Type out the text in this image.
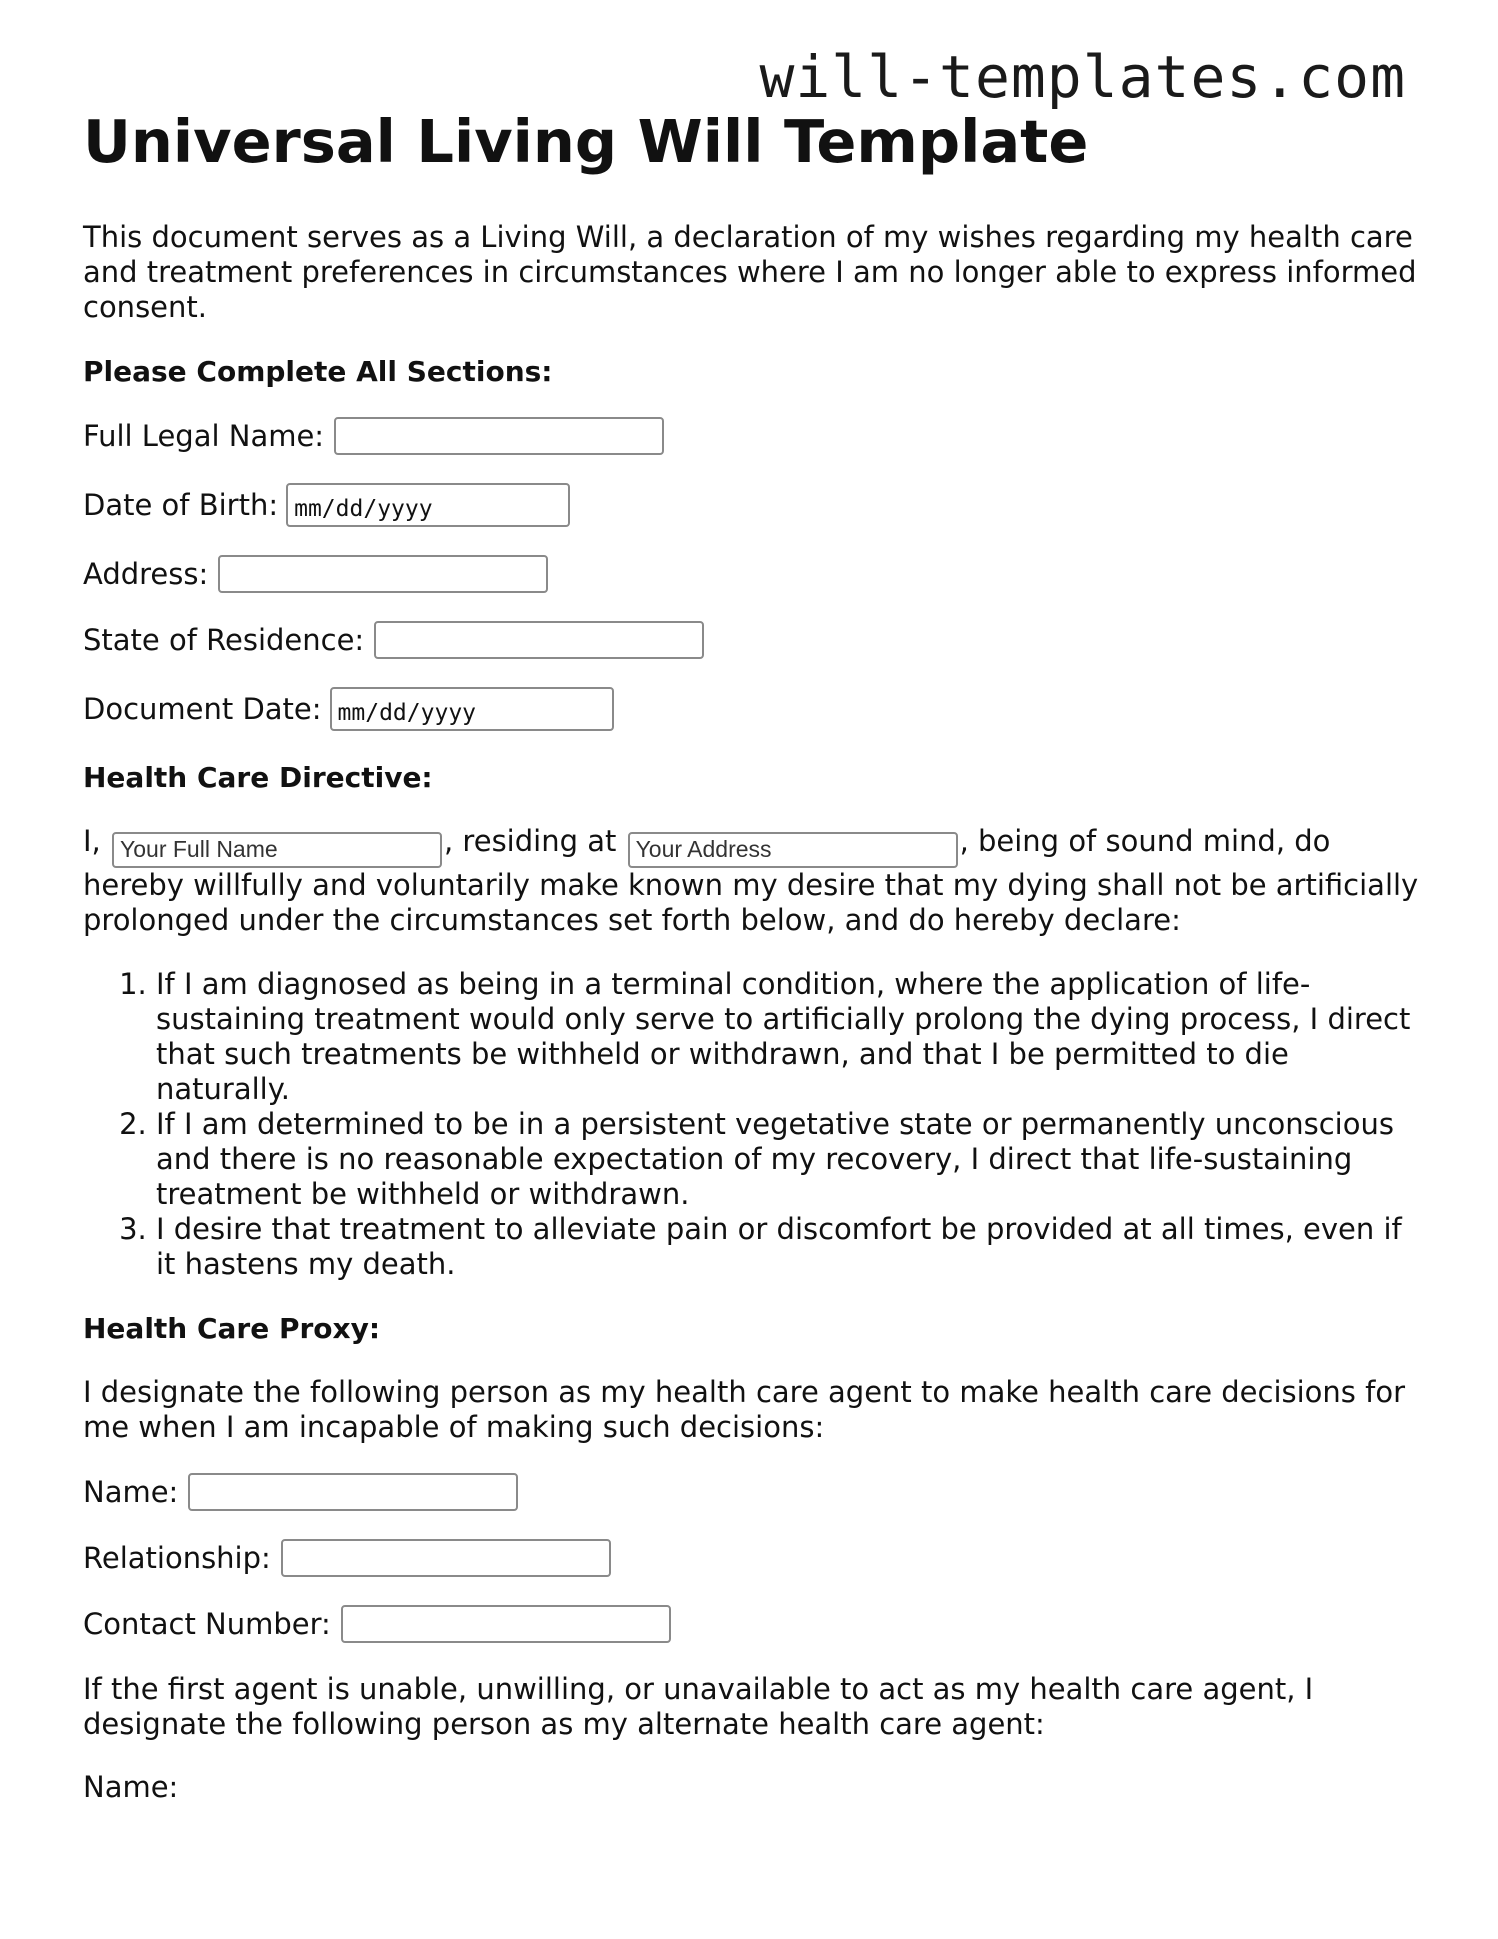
will-templates.com
Universal Living Will Template

This document serves as a Living Will, a declaration of my wishes regarding my health care and treatment preferences in circumstances where I am no longer able to express informed consent.

Please Complete All Sections:

Full Legal Name:
Date of Birth: mm/dd/yyyy
Address:
State of Residence:
Document Date: mm/dd/yyyy

Health Care Directive:

I, Your Full Name	, residing at Your Address	, being of sound mind, do hereby willfully and voluntarily make known my desire that my dying shall not be artificially prolonged under the circumstances set forth below, and do hereby declare:

1. If I am diagnosed as being in a terminal condition, where the application of life-sustaining treatment would only serve to artificially prolong the dying process, I direct that such treatments be withheld or withdrawn, and that I be permitted to die naturally.
2. If I am determined to be in a persistent vegetative state or permanently unconscious and there is no reasonable expectation of my recovery, I direct that life-sustaining treatment be withheld or withdrawn.
3. I desire that treatment to alleviate pain or discomfort be provided at all times, even if it hastens my death.

Health Care Proxy:

I designate the following person as my health care agent to make health care decisions for me when I am incapable of making such decisions:

Name:
Relationship:
Contact Number:

If the first agent is unable, unwilling, or unavailable to act as my health care agent, I designate the following person as my alternate health care agent:

Name:
